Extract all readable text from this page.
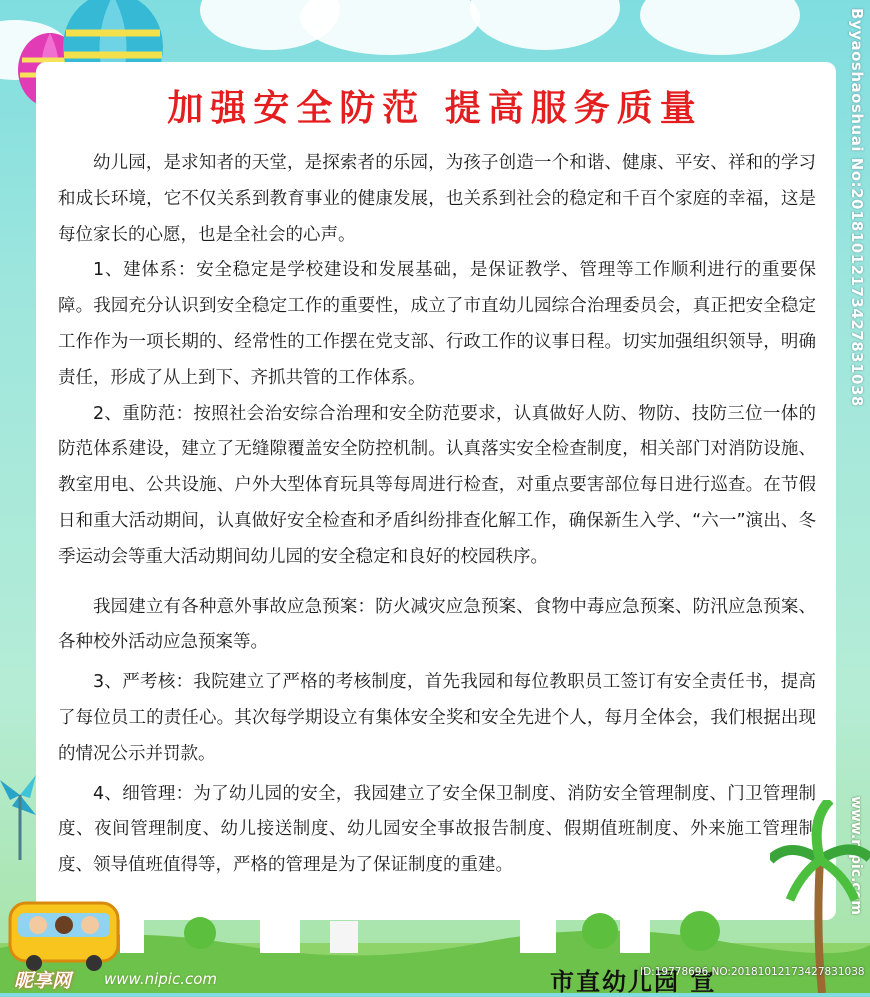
加强安全防范 提高服务质量

幼儿园，是求知者的天堂，是探索者的乐园，为孩子创造一个和谐、健康、平安、祥和的学习和成长环境，它不仅关系到教育事业的健康发展，也关系到社会的稳定和千百个家庭的幸福，这是每位家长的心愿，也是全社会的心声。

1、建体系：安全稳定是学校建设和发展基础，是保证教学、管理等工作顺利进行的重要保障。我园充分认识到安全稳定工作的重要性，成立了市直幼儿园综合治理委员会，真正把安全稳定工作作为一项长期的、经常性的工作摆在党支部、行政工作的议事日程。切实加强组织领导，明确责任，形成了从上到下、齐抓共管的工作体系。

2、重防范：按照社会治安综合治理和安全防范要求，认真做好人防、物防、技防三位一体的防范体系建设，建立了无缝隙覆盖安全防控机制。认真落实安全检查制度，相关部门对消防设施、教室用电、公共设施、户外大型体育玩具等每周进行检查，对重点要害部位每日进行巡查。在节假日和重大活动期间，认真做好安全检查和矛盾纠纷排查化解工作，确保新生入学、“六一”演出、冬季运动会等重大活动期间幼儿园的安全稳定和良好的校园秩序。

我园建立有各种意外事故应急预案：防火减灾应急预案、食物中毒应急预案、防汛应急预案、各种校外活动应急预案等。

3、严考核：我院建立了严格的考核制度，首先我园和每位教职员工签订有安全责任书，提高了每位员工的责任心。其次每学期设立有集体安全奖和安全先进个人，每月全体会，我们根据出现的情况公示并罚款。

4、细管理：为了幼儿园的安全，我园建立了安全保卫制度、消防安全管理制度、门卫管理制度、夜间管理制度、幼儿接送制度、幼儿园安全事故报告制度、假期值班制度、外来施工管理制度、领导值班值得等，严格的管理是为了保证制度的重建。

Byyaoshaoshuai No:20181012173427831038
www.nipic.com
昵享网 www.nipic.com	市直幼儿园 宣
ID:19778696 NO:20181012173427831038
